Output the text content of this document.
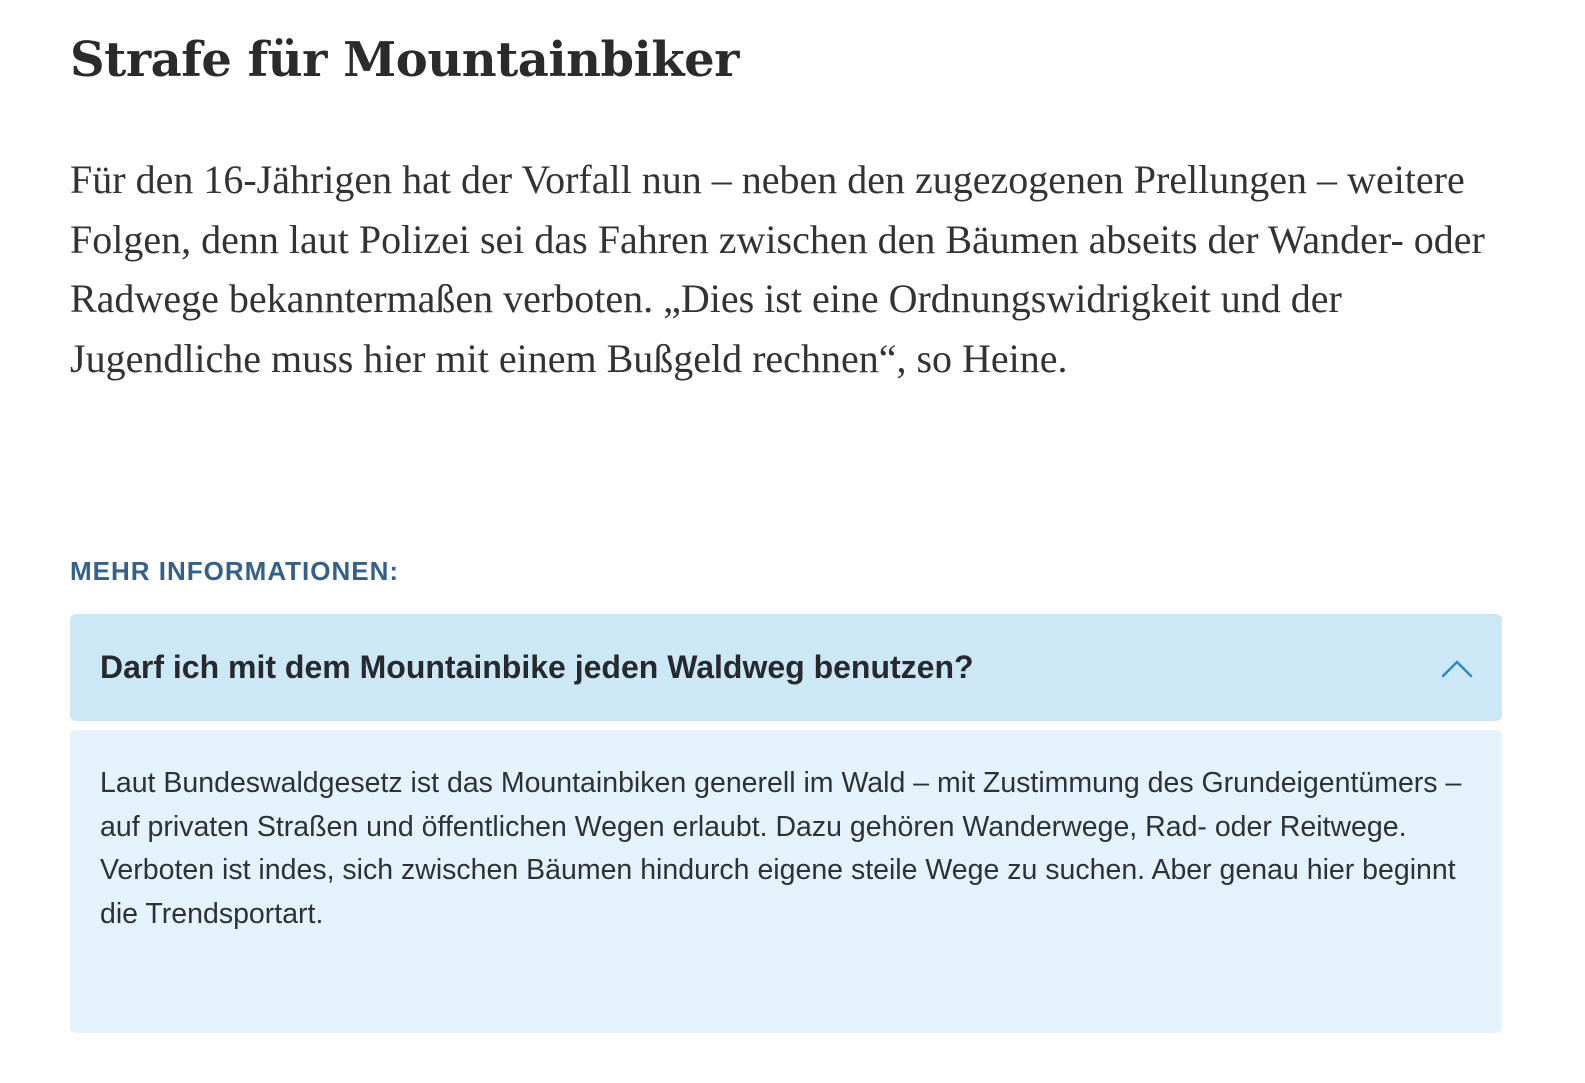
Strafe für Mountainbiker

Für den 16-Jährigen hat der Vorfall nun – neben den zugezogenen Prellungen – weitere Folgen, denn laut Polizei sei das Fahren zwischen den Bäumen abseits der Wander- oder Radwege bekanntermaßen verboten. „Dies ist eine Ordnungswidrigkeit und der Jugendliche muss hier mit einem Bußgeld rechnen“, so Heine.

MEHR INFORMATIONEN:
Darf ich mit dem Mountainbike jeden Waldweg benutzen?

Laut Bundeswaldgesetz ist das Mountainbiken generell im Wald – mit Zustimmung des Grundeigentümers – auf privaten Straßen und öffentlichen Wegen erlaubt. Dazu gehören Wanderwege, Rad- oder Reitwege. Verboten ist indes, sich zwischen Bäumen hindurch eigene steile Wege zu suchen. Aber genau hier beginnt die Trendsportart.
